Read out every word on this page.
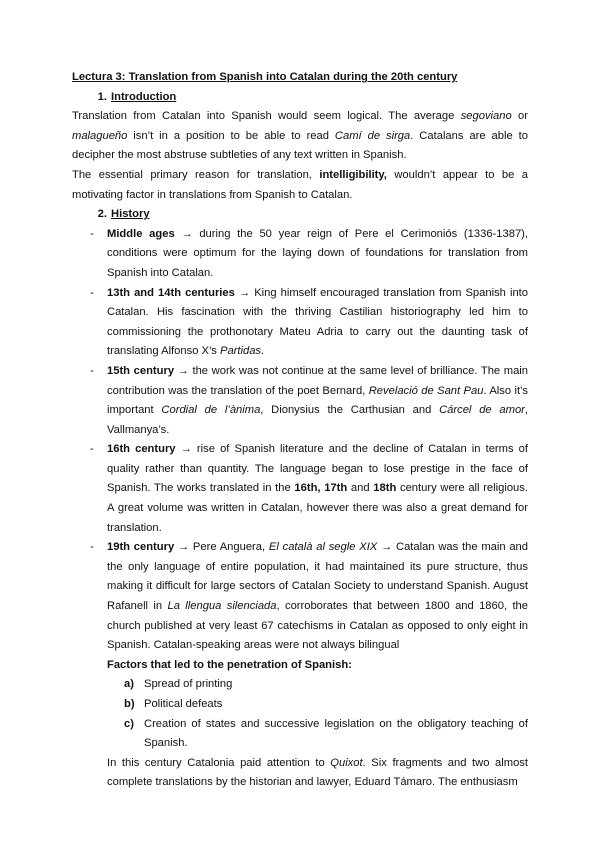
Lectura 3: Translation from Spanish into Catalan during the 20th century

1. Introduction

Translation from Catalan into Spanish would seem logical. The average segoviano or malagueño isn’t in a position to be able to read Camí de sirga. Catalans are able to decipher the most abstruse subtleties of any text written in Spanish.

The essential primary reason for translation, intelligibility, wouldn’t appear to be a motivating factor in translations from Spanish to Catalan.

2. History
- Middle ages → during the 50 year reign of Pere el Cerimoniós (1336-1387), conditions were optimum for the laying down of foundations for translation from Spanish into Catalan.
- 13th and 14th centuries → King himself encouraged translation from Spanish into Catalan. His fascination with the thriving Castilian historiography led him to commissioning the prothonotary Mateu Adria to carry out the daunting task of translating Alfonso X’s Partidas.
- 15th century → the work was not continue at the same level of brilliance. The main contribution was the translation of the poet Bernard, Revelació de Sant Pau. Also it’s important Cordial de l’ànima, Dionysius the Carthusian and Cárcel de amor, Vallmanya’s.
- 16th century → rise of Spanish literature and the decline of Catalan in terms of quality rather than quantity. The language began to lose prestige in the face of Spanish. The works translated in the 16th, 17th and 18th century were all religious. A great volume was written in Catalan, however there was also a great demand for translation.
- 19th century → Pere Anguera, El català al segle XIX → Catalan was the main and the only language of entire population, it had maintained its pure structure, thus making it difficult for large sectors of Catalan Society to understand Spanish. August Rafanell in La llengua silenciada, corroborates that between 1800 and 1860, the church published at very least 67 catechisms in Catalan as opposed to only eight in Spanish. Catalan-speaking areas were not always bilingual
Factors that led to the penetration of Spanish:
a) Spread of printing
b) Political defeats
c) Creation of states and successive legislation on the obligatory teaching of Spanish.

In this century Catalonia paid attention to Quixot. Six fragments and two almost complete translations by the historian and lawyer, Eduard Támaro. The enthusiasm
